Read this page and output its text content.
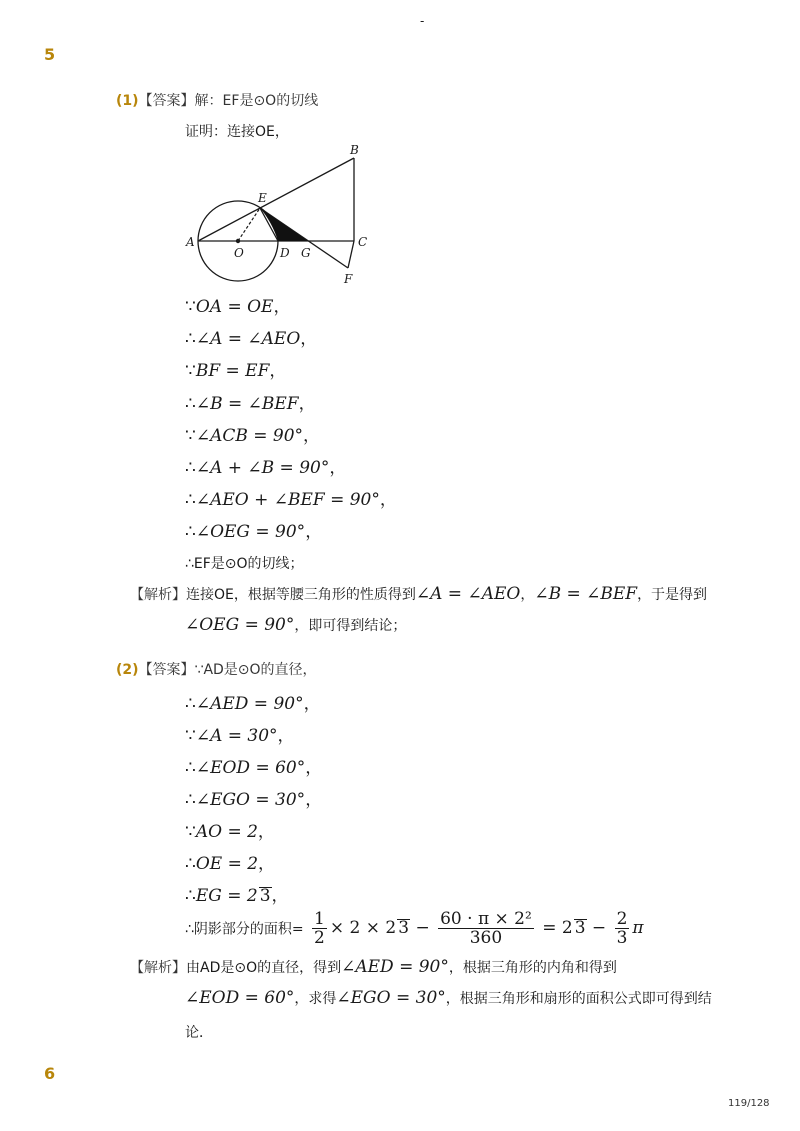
-
5
(1)【答案】解：EF是⊙O的切线
证明：连接OE，
A
B
C
D
E
F
G
O
∵OA = OE，
∴∠A = ∠AEO，
∵BF = EF，
∴∠B = ∠BEF，
∵∠ACB = 90°，
∴∠A + ∠B = 90°，
∴∠AEO + ∠BEF = 90°，
∴∠OEG = 90°，
∴EF是⊙O的切线；
【解析】连接OE，根据等腰三角形的性质得到∠A = ∠AEO，∠B = ∠BEF，于是得到
∠OEG = 90°，即可得到结论；
(2)【答案】∵AD是⊙O的直径，
∴∠AED = 90°，
∵∠A = 30°，
∴∠EOD = 60°，
∴∠EGO = 30°，
∵AO = 2，
∴OE = 2，
∴EG = 2 3，
∴阴影部分的面积= $\frac{1}{2} \times 2 \times 2$ $3 - \frac{\text{60 · π × 2²}}{360} = 2$ $3 - \frac{2}{3}$ π
【解析】由AD是⊙O的直径，得到∠AED = 90°，根据三角形的内角和得到
∠EOD = 60°，求得∠EGO = 30°，根据三角形和扇形的面积公式即可得到结
论．
6
119/128
